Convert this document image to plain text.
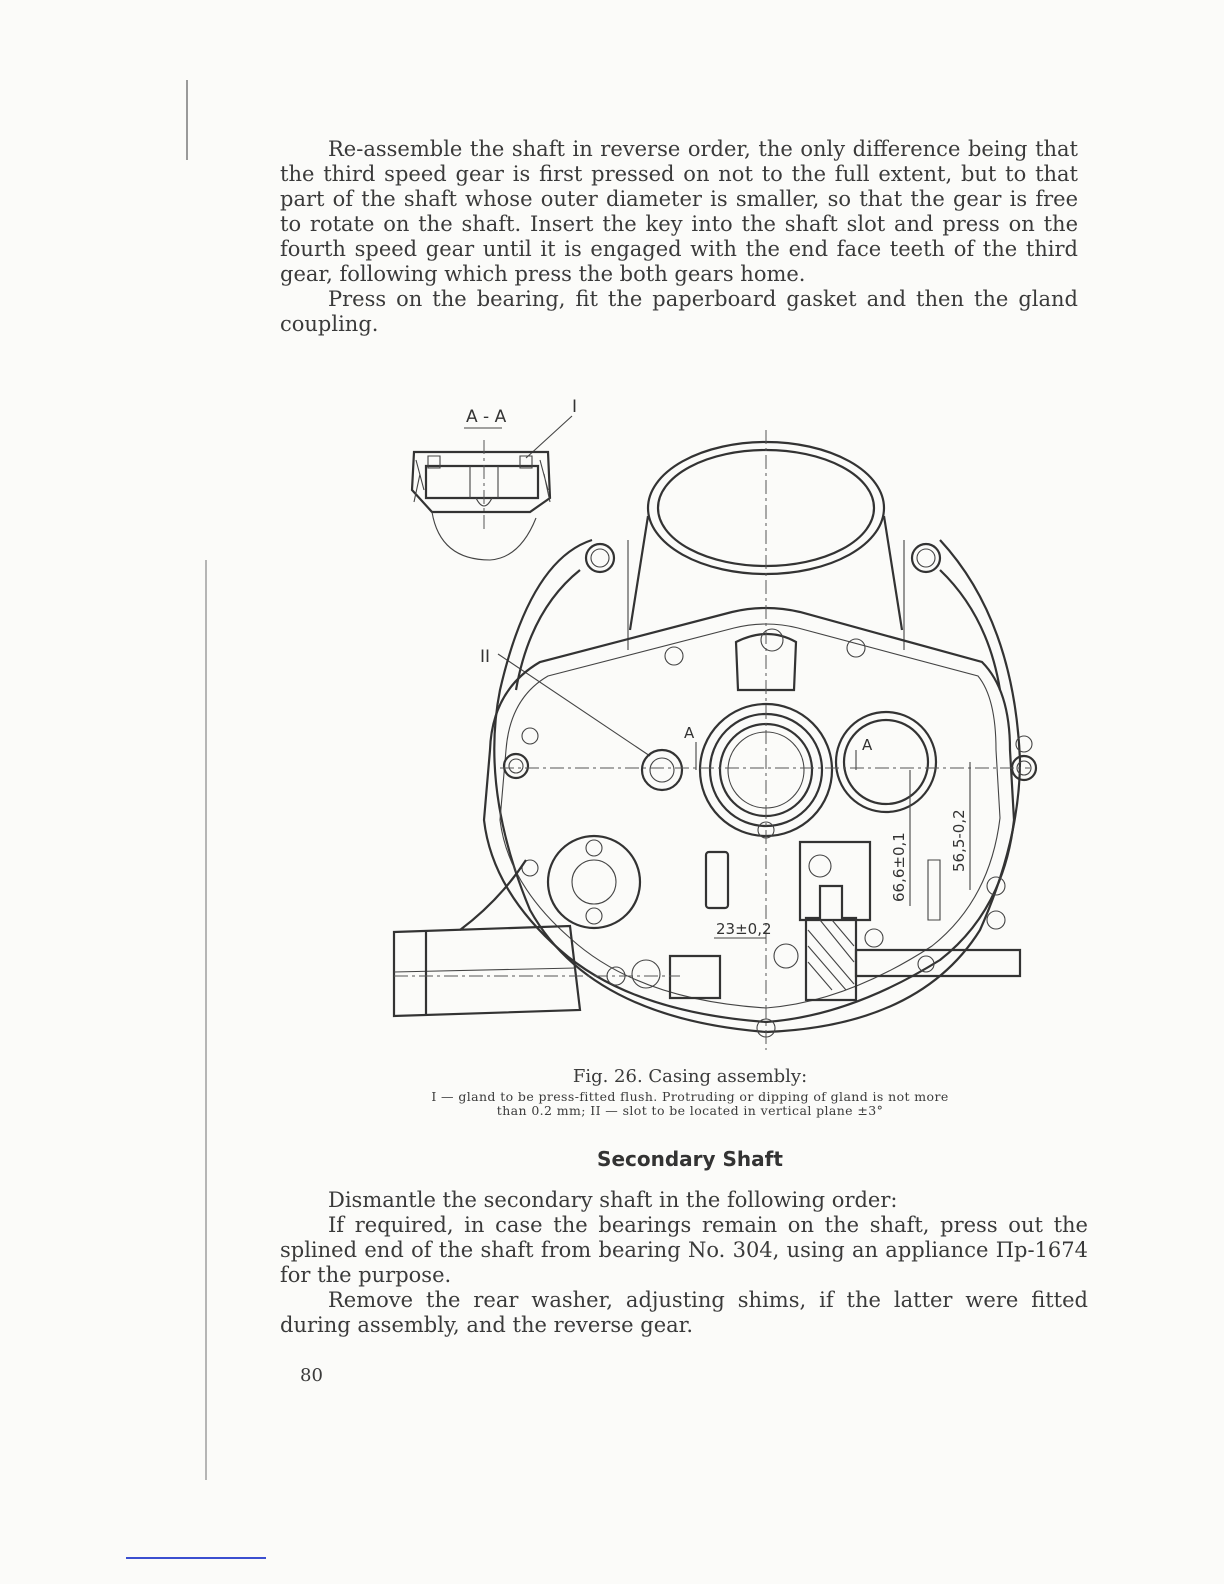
Re-assemble the shaft in reverse order, the only difference being that the third speed gear is first pressed on not to the full extent, but to that part of the shaft whose outer diameter is smaller, so that the gear is free to rotate on the shaft. Insert the key into the shaft slot and press on the fourth speed gear until it is engaged with the end face teeth of the third gear, following which press the both gears home.

Press on the bearing, fit the paperboard gasket and then the gland coupling.

A - A	I
II
A
A
23±0,2
66,6±0,1	56,5-0,2
Fig. 26. Casing assembly:
I — gland to be press-fitted flush. Protruding or dipping of gland is not more
than 0.2 mm; II — slot to be located in vertical plane ±3°
Secondary Shaft

Dismantle the secondary shaft in the following order:

If required, in case the bearings remain on the shaft, press out the splined end of the shaft from bearing No. 304, using an appliance Пр-1674 for the purpose.

Remove the rear washer, adjusting shims, if the latter were fitted during assembly, and the reverse gear.

80
